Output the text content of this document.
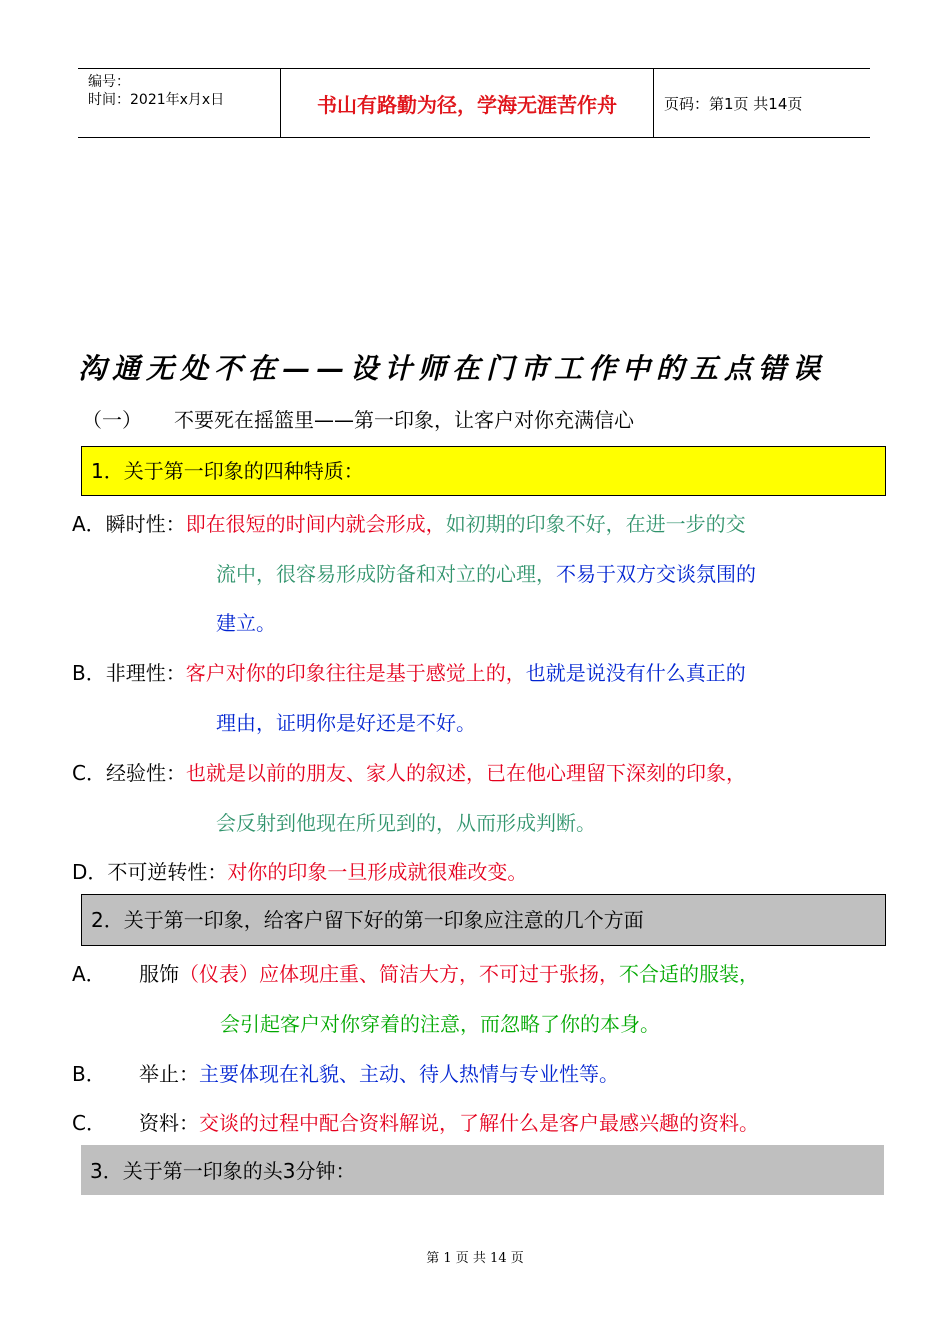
编号：
时间：2021年x月x日	书山有路勤为径，学海无涯苦作舟	页码：第1页 共14页
沟通无处不在——设计师在门市工作中的五点错误
（一） 不要死在摇篮里——第一印象，让客户对你充满信心
1．关于第一印象的四种特质：
A．瞬时性：即在很短的时间内就会形成，如初期的印象不好，在进一步的交
流中，很容易形成防备和对立的心理，不易于双方交谈氛围的
建立。
B．非理性：客户对你的印象往往是基于感觉上的，也就是说没有什么真正的
理由，证明你是好还是不好。
C．经验性：也就是以前的朋友、家人的叙述，已在他心理留下深刻的印象，
会反射到他现在所见到的，从而形成判断。
D．不可逆转性：对你的印象一旦形成就很难改变。
2．关于第一印象，给客户留下好的第一印象应注意的几个方面
A． 服饰（仪表）应体现庄重、简洁大方，不可过于张扬，不合适的服装，
会引起客户对你穿着的注意，而忽略了你的本身。
B． 举止：主要体现在礼貌、主动、待人热情与专业性等。
C． 资料：交谈的过程中配合资料解说，了解什么是客户最感兴趣的资料。
3．关于第一印象的头3分钟：
第 1 页 共 14 页
